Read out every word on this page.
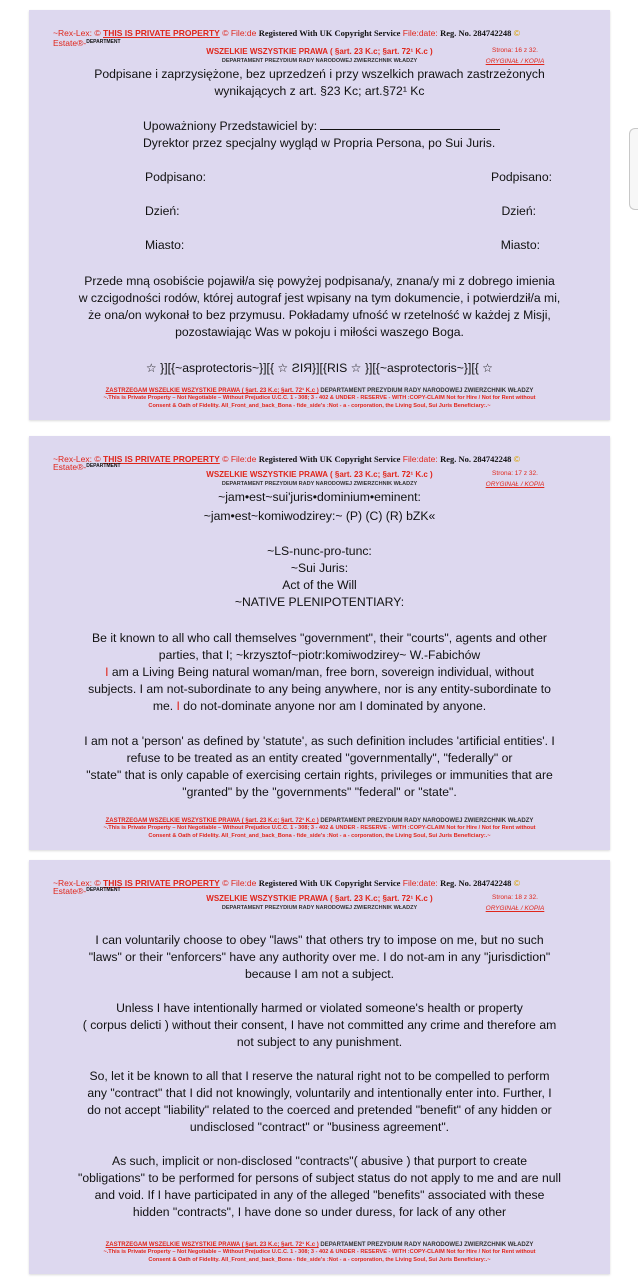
~Rex-Lex: © THIS IS PRIVATE PROPERTY © File:de Registered With UK Copyright Service File:date: Reg. No. 284742248 ©
Estate®-$^{DEPARTMENT}$
WSZELKIE WSZYSTKIE PRAWA ( §art. 23 K.c; §art. 72¹ K.c )
DEPARTAMENT PREZYDIUM RADY NARODOWEJ ZWIERZCHNIK WŁADZY
Strona: 16 z 32.
ORYGINAŁ / KOPIA

Podpisane i zaprzysiężone, bez uprzedzeń i przy wszelkich prawach zastrzeżonych

wynikających z art. §23 Kc; art.§72¹ Kc

Upoważniony Przedstawiciel by:

Dyrektor przez specjalny wygląd w Propria Persona, po Sui Juris.

Podpisano:	Podpisano:
Dzień:	Dzień:
Miasto:	Miasto:

Przede mną osobiście pojawił/a się powyżej podpisana/y, znana/y mi z dobrego imienia

w czcigodności rodów, której autograf jest wpisany na tym dokumencie, i potwierdził/a mi,

że ona/on wykonał to bez przymusu. Pokładamy ufność w rzetelność w każdej z Misji,

pozostawiając Was w pokoju i miłości waszego Boga.

☆ }][{~asprotectoris~}][{ ☆ ƧIЯ}][{RIS ☆ }][{~asprotectoris~}][{ ☆

ZASTRZEGAM WSZELKIE WSZYSTKIE PRAWA ( §art. 23 K.c; §art. 72¹ K.c ) DEPARTAMENT PREZYDIUM RADY NARODOWEJ ZWIERZCHNIK WŁADZY
~.This is Private Property – Not Negotiable – Without Prejudice U.C.C. 1 - 308; 3 - 402 & UNDER - RESERVE - WITH :COPY-CLAIM Not for Hire / Not for Rent without
Consent & Oath of Fidelity. All_Front_and_back_Bona - fide_side's :Not - a - corporation, the Living Soul, Sui Juris Beneficiary:.~
~Rex-Lex: © THIS IS PRIVATE PROPERTY © File:de Registered With UK Copyright Service File:date: Reg. No. 284742248 ©
Estate®-$^{DEPARTMENT}$
WSZELKIE WSZYSTKIE PRAWA ( §art. 23 K.c; §art. 72¹ K.c )
DEPARTAMENT PREZYDIUM RADY NARODOWEJ ZWIERZCHNIK WŁADZY
Strona: 17 z 32.
ORYGINAŁ / KOPIA

~jam•est~sui'juris•dominium•eminent:

~jam•est~komiwodzirey:~ (P) (C) (R) bZK«

~LS-nunc-pro-tunc:

~Sui Juris:

Act of the Will

~NATIVE PLENIPOTENTIARY:

Be it known to all who call themselves "government", their "courts", agents and other

parties, that I; ~krzysztof~piotr:komiwodzirey~ W.-Fabichów

I am a Living Being natural woman/man, free born, sovereign individual, without

subjects. I am not-subordinate to any being anywhere, nor is any entity-subordinate to

me. I do not-dominate anyone nor am I dominated by anyone.

I am not a 'person' as defined by 'statute', as such definition includes 'artificial entities'. I

refuse to be treated as an entity created "governmentally", "federally" or

"state" that is only capable of exercising certain rights, privileges or immunities that are

"granted" by the "governments" "federal" or "state".

ZASTRZEGAM WSZELKIE WSZYSTKIE PRAWA ( §art. 23 K.c; §art. 72¹ K.c ) DEPARTAMENT PREZYDIUM RADY NARODOWEJ ZWIERZCHNIK WŁADZY
~.This is Private Property – Not Negotiable – Without Prejudice U.C.C. 1 - 308; 3 - 402 & UNDER - RESERVE - WITH :COPY-CLAIM Not for Hire / Not for Rent without
Consent & Oath of Fidelity. All_Front_and_back_Bona - fide_side's :Not - a - corporation, the Living Soul, Sui Juris Beneficiary:.~
~Rex-Lex: © THIS IS PRIVATE PROPERTY © File:de Registered With UK Copyright Service File:date: Reg. No. 284742248 ©
Estate®-$^{DEPARTMENT}$
WSZELKIE WSZYSTKIE PRAWA ( §art. 23 K.c; §art. 72¹ K.c )
DEPARTAMENT PREZYDIUM RADY NARODOWEJ ZWIERZCHNIK WŁADZY
Strona: 18 z 32.
ORYGINAŁ / KOPIA

I can voluntarily choose to obey "laws" that others try to impose on me, but no such

"laws" or their "enforcers" have any authority over me. I do not-am in any "jurisdiction"

because I am not a subject.

Unless I have intentionally harmed or violated someone's health or property

( corpus delicti ) without their consent, I have not committed any crime and therefore am

not subject to any punishment.

So, let it be known to all that I reserve the natural right not to be compelled to perform

any "contract" that I did not knowingly, voluntarily and intentionally enter into. Further, I

do not accept "liability" related to the coerced and pretended "benefit" of any hidden or

undisclosed "contract" or "business agreement".

As such, implicit or non-disclosed "contracts"( abusive ) that purport to create

"obligations" to be performed for persons of subject status do not apply to me and are null

and void. If I have participated in any of the alleged "benefits" associated with these

hidden "contracts", I have done so under duress, for lack of any other

ZASTRZEGAM WSZELKIE WSZYSTKIE PRAWA ( §art. 23 K.c; §art. 72¹ K.c ) DEPARTAMENT PREZYDIUM RADY NARODOWEJ ZWIERZCHNIK WŁADZY
~.This is Private Property – Not Negotiable – Without Prejudice U.C.C. 1 - 308; 3 - 402 & UNDER - RESERVE - WITH :COPY-CLAIM Not for Hire / Not for Rent without
Consent & Oath of Fidelity. All_Front_and_back_Bona - fide_side's :Not - a - corporation, the Living Soul, Sui Juris Beneficiary:.~
